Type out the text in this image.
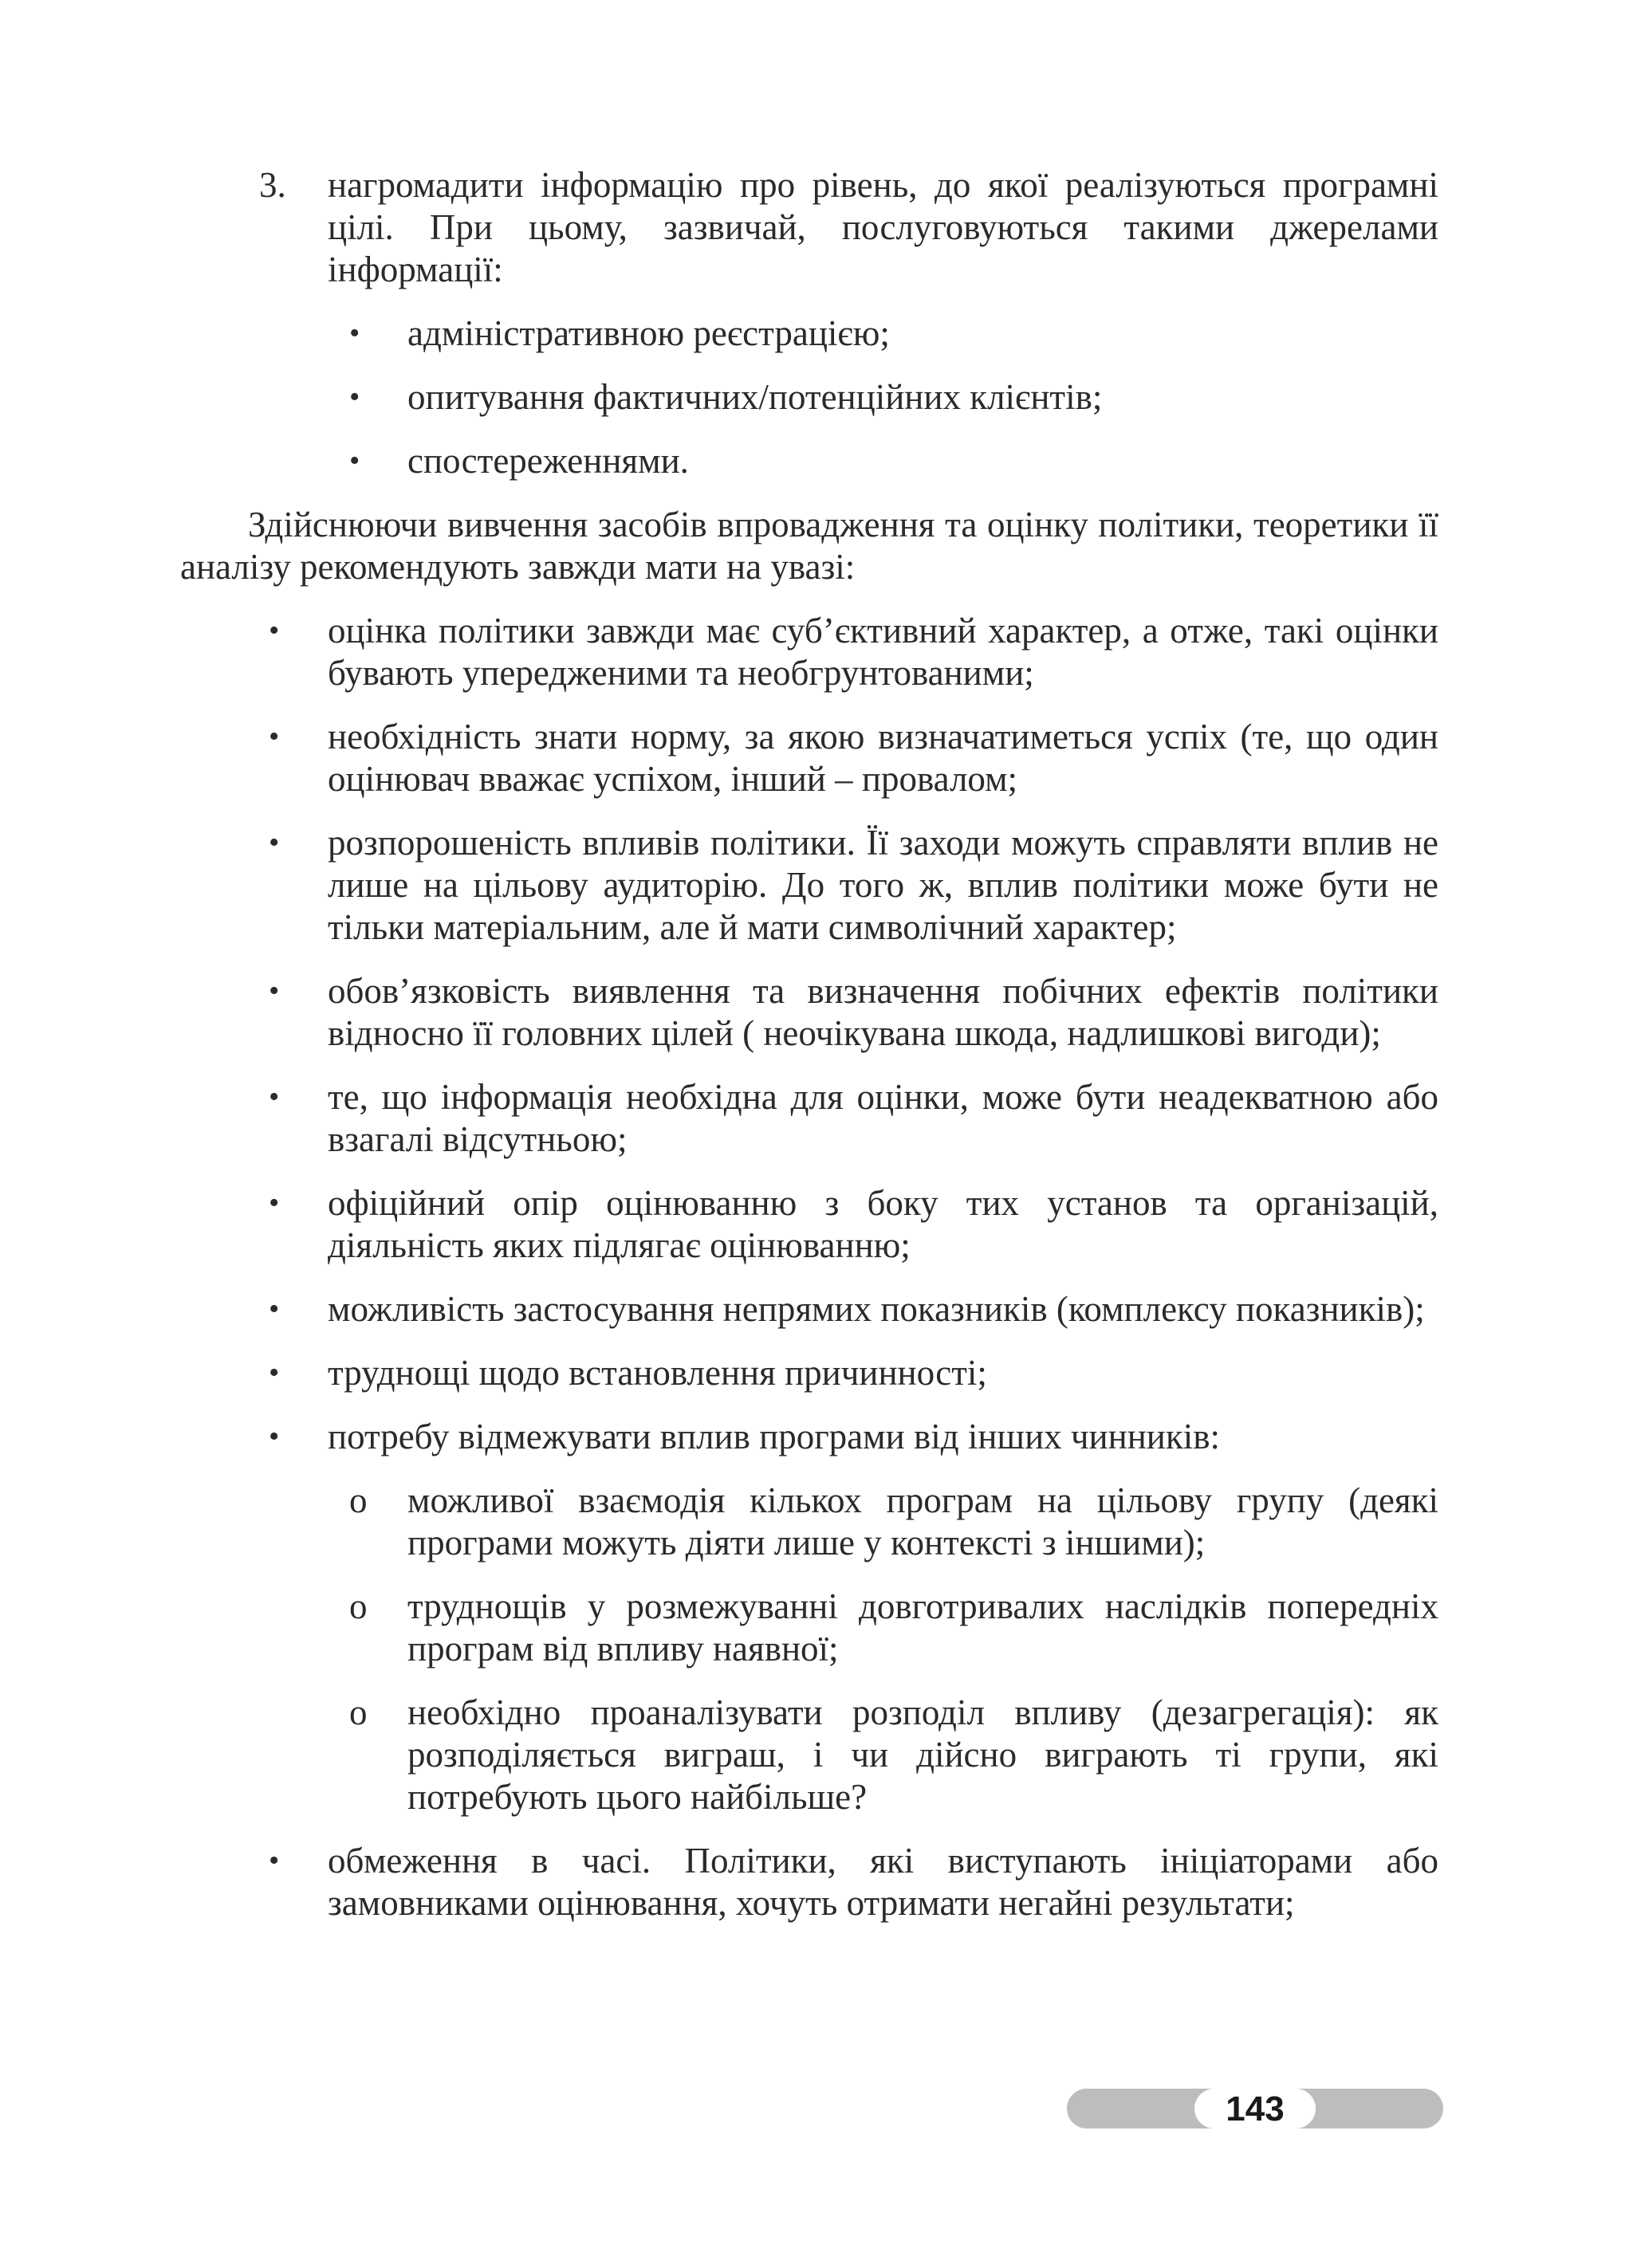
3. нагромадити інформацію про рівень, до якої реалізуються програмні цілі. При цьому, зазвичай, послуговуються такими джерелами інформації:
• адміністративною реєстрацією;
• опитування фактичних/потенційних клієнтів;
• спостереженнями.

Здійснюючи вивчення засобів впровадження та оцінку політики, теоретики її аналізу рекомендують завжди мати на увазі:

• оцінка політики завжди має суб’єктивний характер, а отже, такі оцінки бувають упередженими та необгрунтованими;
• необхідність знати норму, за якою визначатиметься успіх (те, що один оцінювач вважає успіхом, інший – провалом;
• розпорошеність впливів політики. Її заходи можуть справляти вплив не лише на цільову аудиторію. До того ж, вплив політики може бути не тільки матеріальним, але й мати символічний характер;
• обов’язковість виявлення та визначення побічних ефектів політики відносно її головних цілей ( неочікувана шкода, надлишкові вигоди);
• те, що інформація необхідна для оцінки, може бути неадекватною або взагалі відсутньою;
• офіційний опір оцінюванню з боку тих установ та організацій, діяльність яких підлягає оцінюванню;
• можливість застосування непрямих показників (комплексу показників);
• труднощі щодо встановлення причинності;
• потребу відмежувати вплив програми від інших чинників:
o можливої взаємодія кількох програм на цільову групу (деякі програми можуть діяти лише у контексті з іншими);
o труднощів у розмежуванні довготривалих наслідків попередніх програм від впливу наявної;
o необхідно проаналізувати розподіл впливу (дезагрегація): як розподіляється виграш, і чи дійсно виграють ті групи, які потребують цього найбільше?
• обмеження в часі. Політики, які виступають ініціаторами або замовниками оцінювання, хочуть отримати негайні результати;
143
